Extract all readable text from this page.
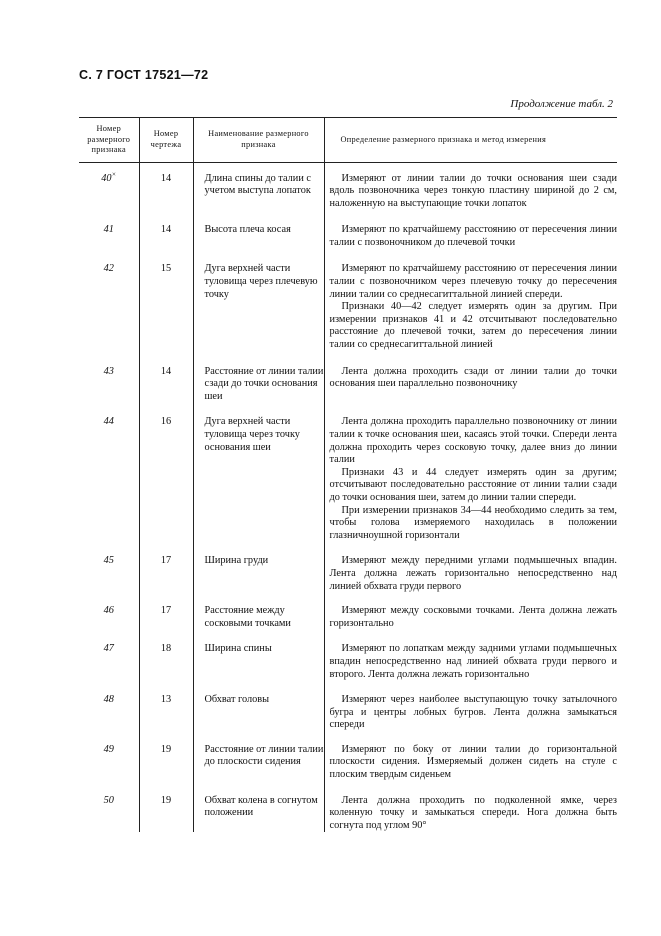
С. 7 ГОСТ 17521—72
Продолжение табл. 2
Номер размерного признака	Номер чертежа	Наименование размерного признака	Определение размерного признака и метод измерения
40×	14	Длина спины до талии с учетом выступа лопаток	Измеряют от линии талии до точки основания шеи сзади вдоль позвоночника через тонкую пластину шириной до 2 см, наложенную на выступающие точки лопаток

41	14	Высота плеча косая	Измеряют по кратчайшему расстоянию от пересечения линии талии с позвоночником до плечевой точки

42	15	Дуга верхней части туловища через плечевую точку	Измеряют по кратчайшему расстоянию от пересечения линии талии с позвоночником через плечевую точку до пересечения линии талии со среднесагиттальной линией спереди.

Признаки 40—42 следует измерять один за другим. При измерении признаков 41 и 42 отсчитывают последовательно расстояние до плечевой точки, затем до пересечения линии талии со среднесагиттальной линией

43	14	Расстояние от линии талии сзади до точки основания шеи	Лента должна проходить сзади от линии талии до точки основания шеи параллельно позвоночнику

44	16	Дуга верхней части туловища через точку основания шеи	Лента должна проходить параллельно позвоночнику от линии талии к точке основания шеи, касаясь этой точки. Спереди лента должна проходить через сосковую точку, далее вниз до линии талии

Признаки 43 и 44 следует измерять один за другим; отсчитывают последовательно расстояние от линии талии сзади до точки основания шеи, затем до линии талии спереди.

При измерении признаков 34—44 необходимо следить за тем, чтобы голова измеряемого находилась в положении глазничноушной горизонтали

45	17	Ширина груди	Измеряют между передними углами подмышечных впадин. Лента должна лежать горизонтально непосредственно над линией обхвата груди первого

46	17	Расстояние между сосковыми точками	Измеряют между сосковыми точками. Лента должна лежать горизонтально

47	18	Ширина спины	Измеряют по лопаткам между задними углами подмышечных впадин непосредственно над линией обхвата груди первого и второго. Лента должна лежать горизонтально

48	13	Обхват головы	Измеряют через наиболее выступающую точку затылочного бугра и центры лобных бугров. Лента должна замыкаться спереди

49	19	Расстояние от линии талии до плоскости сидения	Измеряют по боку от линии талии до горизонтальной плоскости сидения. Измеряемый должен сидеть на стуле с плоским твердым сиденьем

50	19	Обхват колена в согнутом положении	Лента должна проходить по подколенной ямке, через коленную точку и замыкаться спереди. Нога должна быть согнута под углом 90°
